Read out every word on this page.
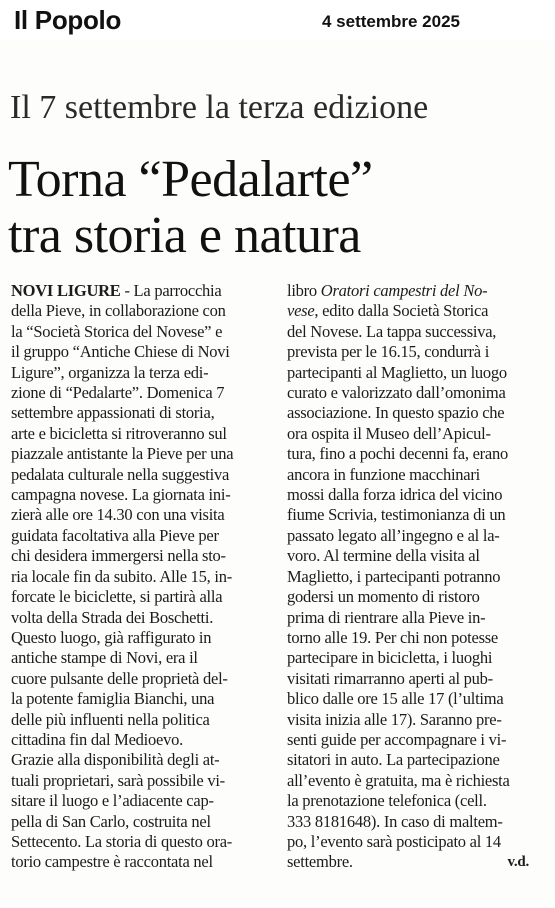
Il Popolo	4 settembre 2025
Il 7 settembre la terza edizione
Torna “Pedalarte”
tra storia e natura
NOVI LIGURE - La parrocchia
della Pieve, in collaborazione con
la “Società Storica del Novese” e
il gruppo “Antiche Chiese di Novi
Ligure”, organizza la terza edi-
zione di “Pedalarte”. Domenica 7
settembre appassionati di storia,
arte e bicicletta si ritroveranno sul
piazzale antistante la Pieve per una
pedalata culturale nella suggestiva
campagna novese. La giornata ini-
zierà alle ore 14.30 con una visita
guidata facoltativa alla Pieve per
chi desidera immergersi nella sto-
ria locale fin da subito. Alle 15, in-
forcate le biciclette, si partirà alla
volta della Strada dei Boschetti.
Questo luogo, già raffigurato in
antiche stampe di Novi, era il
cuore pulsante delle proprietà del-
la potente famiglia Bianchi, una
delle più influenti nella politica
cittadina fin dal Medioevo.
Grazie alla disponibilità degli at-
tuali proprietari, sarà possibile vi-
sitare il luogo e l’adiacente cap-
pella di San Carlo, costruita nel
Settecento. La storia di questo ora-
torio campestre è raccontata nel
libro Oratori campestri del No-
vese, edito dalla Società Storica
del Novese. La tappa successiva,
prevista per le 16.15, condurrà i
partecipanti al Maglietto, un luogo
curato e valorizzato dall’omonima
associazione. In questo spazio che
ora ospita il Museo dell’Apicul-
tura, fino a pochi decenni fa, erano
ancora in funzione macchinari
mossi dalla forza idrica del vicino
fiume Scrivia, testimonianza di un
passato legato all’ingegno e al la-
voro. Al termine della visita al
Maglietto, i partecipanti potranno
godersi un momento di ristoro
prima di rientrare alla Pieve in-
torno alle 19. Per chi non potesse
partecipare in bicicletta, i luoghi
visitati rimarranno aperti al pub-
blico dalle ore 15 alle 17 (l’ultima
visita inizia alle 17). Saranno pre-
senti guide per accompagnare i vi-
sitatori in auto. La partecipazione
all’evento è gratuita, ma è richiesta
la prenotazione telefonica (cell.
333 8181648). In caso di maltem-
po, l’evento sarà posticipato al 14
settembre.	v.d.
